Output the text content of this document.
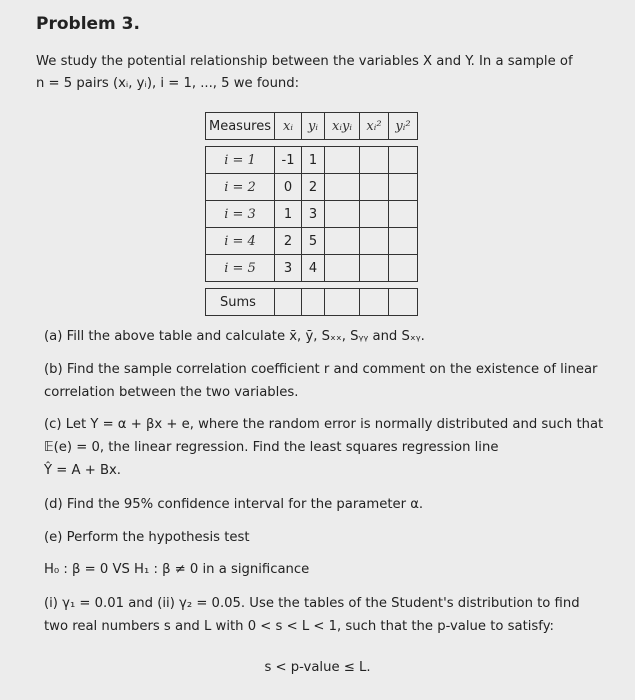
Problem 3.
We study the potential relationship between the variables X and Y. In a sample of
n = 5 pairs (xᵢ, yᵢ), i = 1, ..., 5 we found:
Measures	xᵢ	yᵢ	xᵢyᵢ	xᵢ²	yᵢ²

i = 1	-1	1			
i = 2	0	2			
i = 3	1	3			
i = 4	2	5			
i = 5	3	4			

Sums					
(a) Fill the above table and calculate x̄, ȳ, Sₓₓ, Sᵧᵧ and Sₓᵧ.
(b) Find the sample correlation coefficient r and comment on the existence of linear
correlation between the two variables.
(c) Let Y = α + βx + e, where the random error is normally distributed and such that
𝔼(e) = 0, the linear regression. Find the least squares regression line
Ŷ = A + Bx.
(d) Find the 95% confidence interval for the parameter α.
(e) Perform the hypothesis test
H₀ : β = 0 VS H₁ : β ≠ 0 in a significance
(i) γ₁ = 0.01 and (ii) γ₂ = 0.05. Use the tables of the Student's distribution to find
two real numbers s and L with 0 < s < L < 1, such that the p-value to satisfy:
s < p-value ≤ L.
